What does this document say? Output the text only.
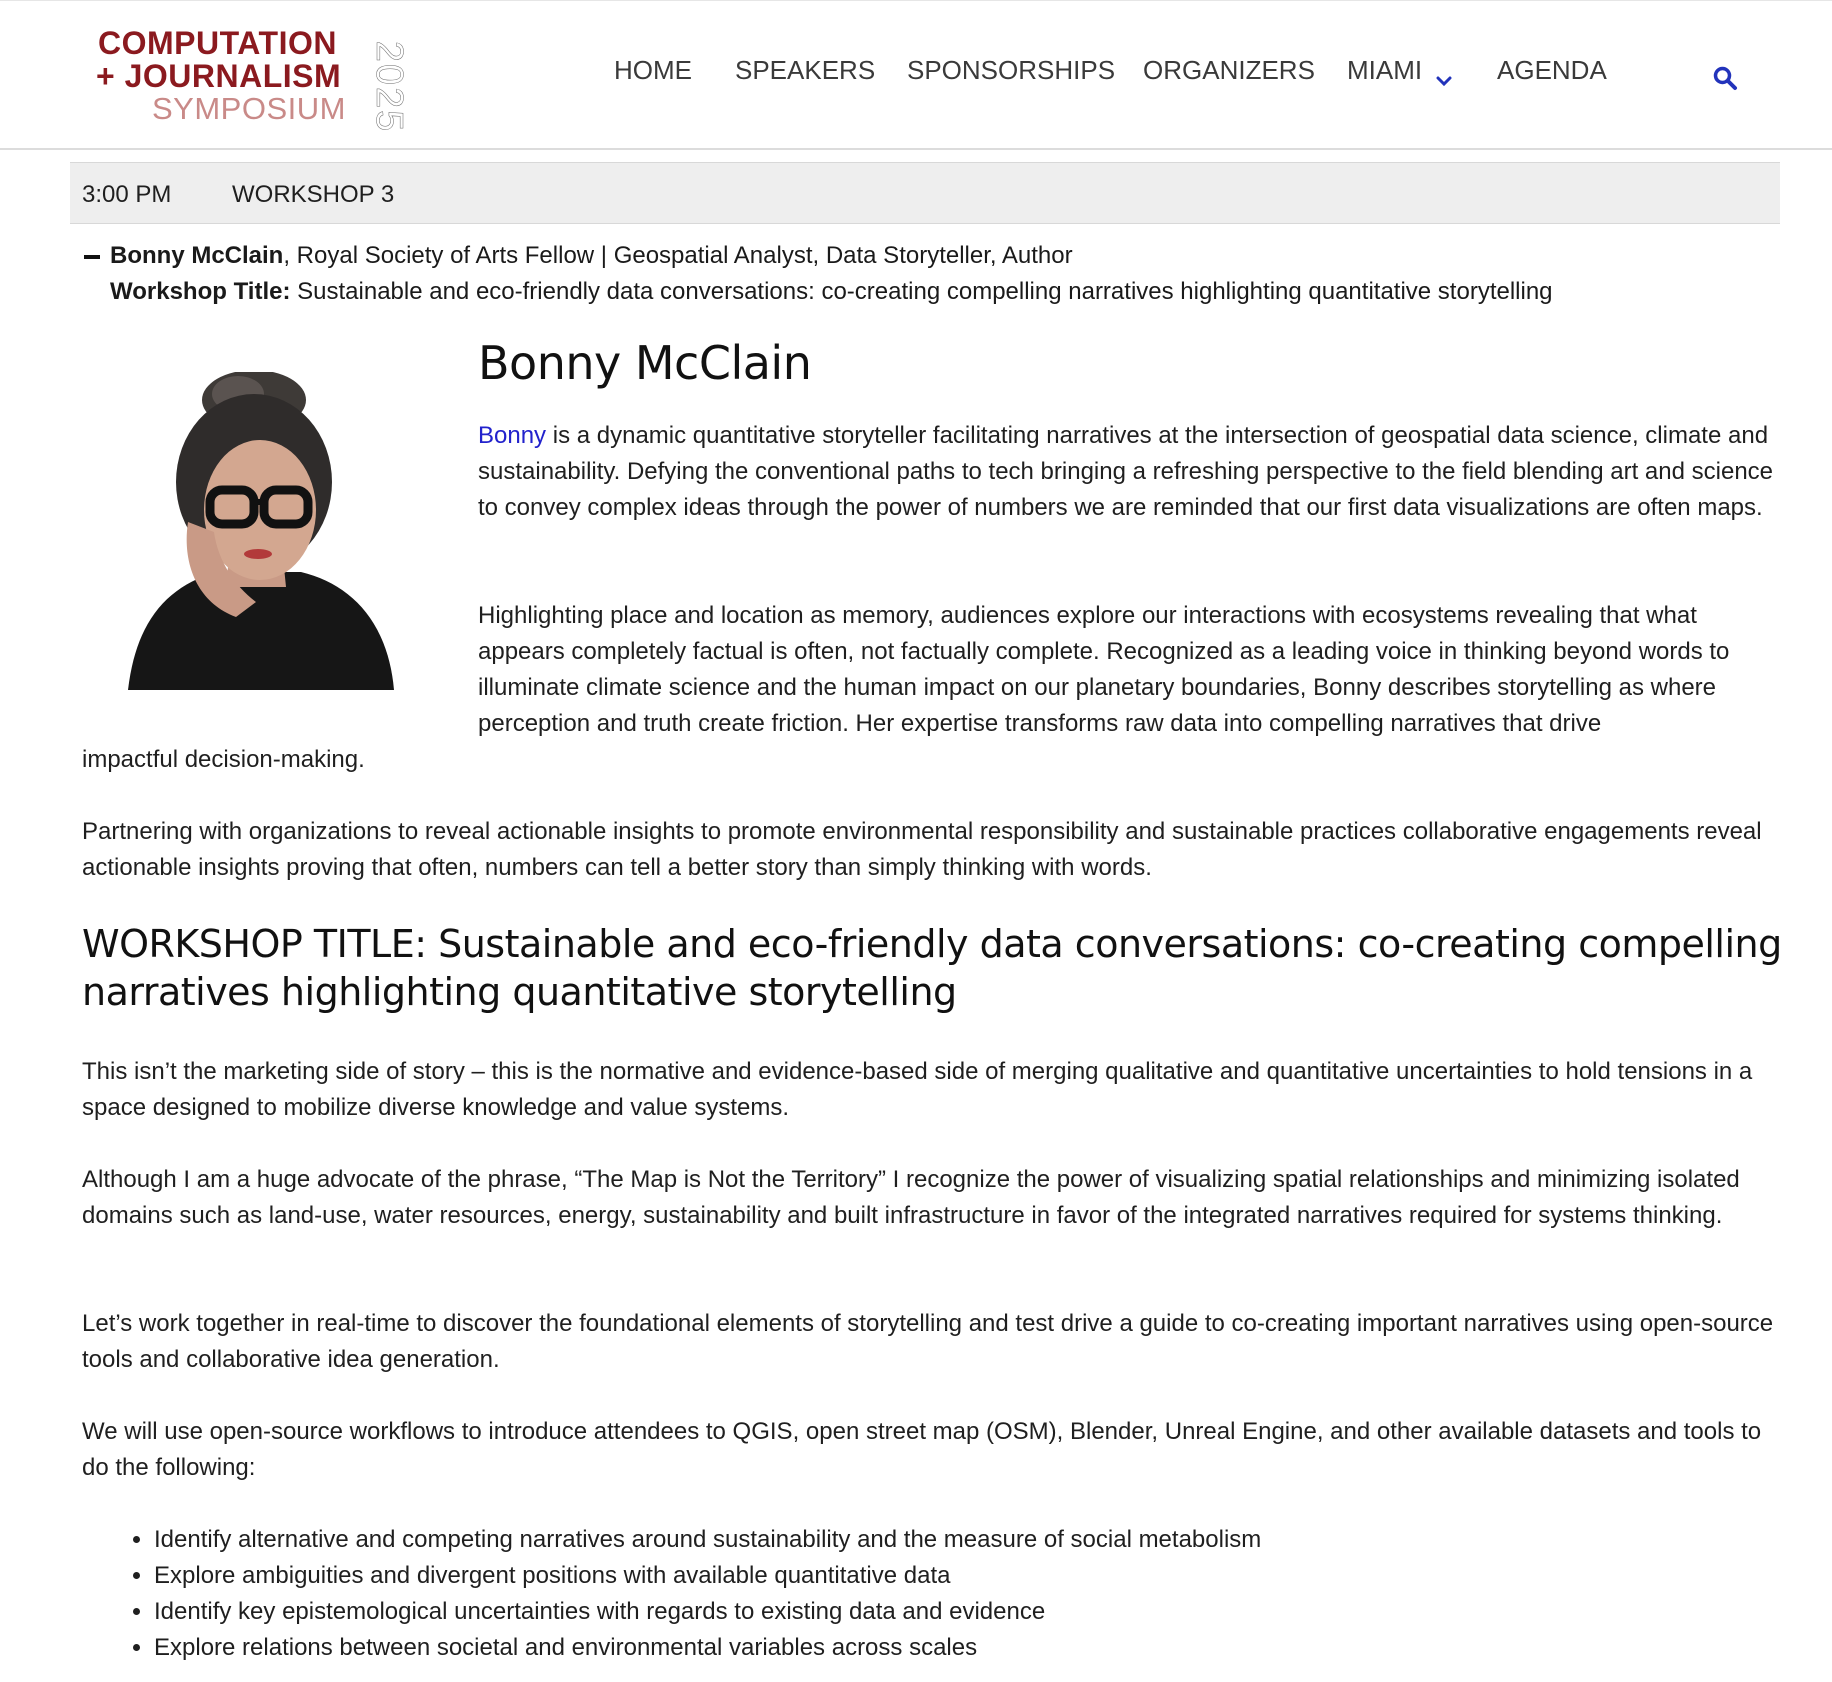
COMPUTATION
+ JOURNALISM
SYMPOSIUM 2025	HOME SPEAKERS SPONSORSHIPS ORGANIZERS MIAMI	AGENDA
3:00 PM	WORKSHOP 3
Bonny McClain, Royal Society of Arts Fellow | Geospatial Analyst, Data Storyteller, Author
Workshop Title: Sustainable and eco-friendly data conversations: co-creating compelling narratives highlighting quantitative storytelling
Bonny McClain
Bonny is a dynamic quantitative storyteller facilitating narratives at the intersection of geospatial data science, climate and sustainability. Defying the conventional paths to tech bringing a refreshing perspective to the field blending art and science to convey complex ideas through the power of numbers we are reminded that our first data visualizations are often maps.
Highlighting place and location as memory, audiences explore our interactions with ecosystems revealing that what appears completely factual is often, not factually complete. Recognized as a leading voice in thinking beyond words to illuminate climate science and the human impact on our planetary boundaries, Bonny describes storytelling as where perception and truth create friction. Her expertise transforms raw data into compelling narratives that drive
impactful decision-making.
Partnering with organizations to reveal actionable insights to promote environmental responsibility and sustainable practices collaborative engagements reveal actionable insights proving that often, numbers can tell a better story than simply thinking with words.
WORKSHOP TITLE: Sustainable and eco-friendly data conversations: co-creating compelling narratives highlighting quantitative storytelling
This isn’t the marketing side of story – this is the normative and evidence-based side of merging qualitative and quantitative uncertainties to hold tensions in a space designed to mobilize diverse knowledge and value systems.
Although I am a huge advocate of the phrase, “The Map is Not the Territory” I recognize the power of visualizing spatial relationships and minimizing isolated domains such as land-use, water resources, energy, sustainability and built infrastructure in favor of the integrated narratives required for systems thinking.
Let’s work together in real-time to discover the foundational elements of storytelling and test drive a guide to co-creating important narratives using open-source tools and collaborative idea generation.
We will use open-source workflows to introduce attendees to QGIS, open street map (OSM), Blender, Unreal Engine, and other available datasets and tools to do the following:
• Identify alternative and competing narratives around sustainability and the measure of social metabolism
• Explore ambiguities and divergent positions with available quantitative data
• Identify key epistemological uncertainties with regards to existing data and evidence
• Explore relations between societal and environmental variables across scales
